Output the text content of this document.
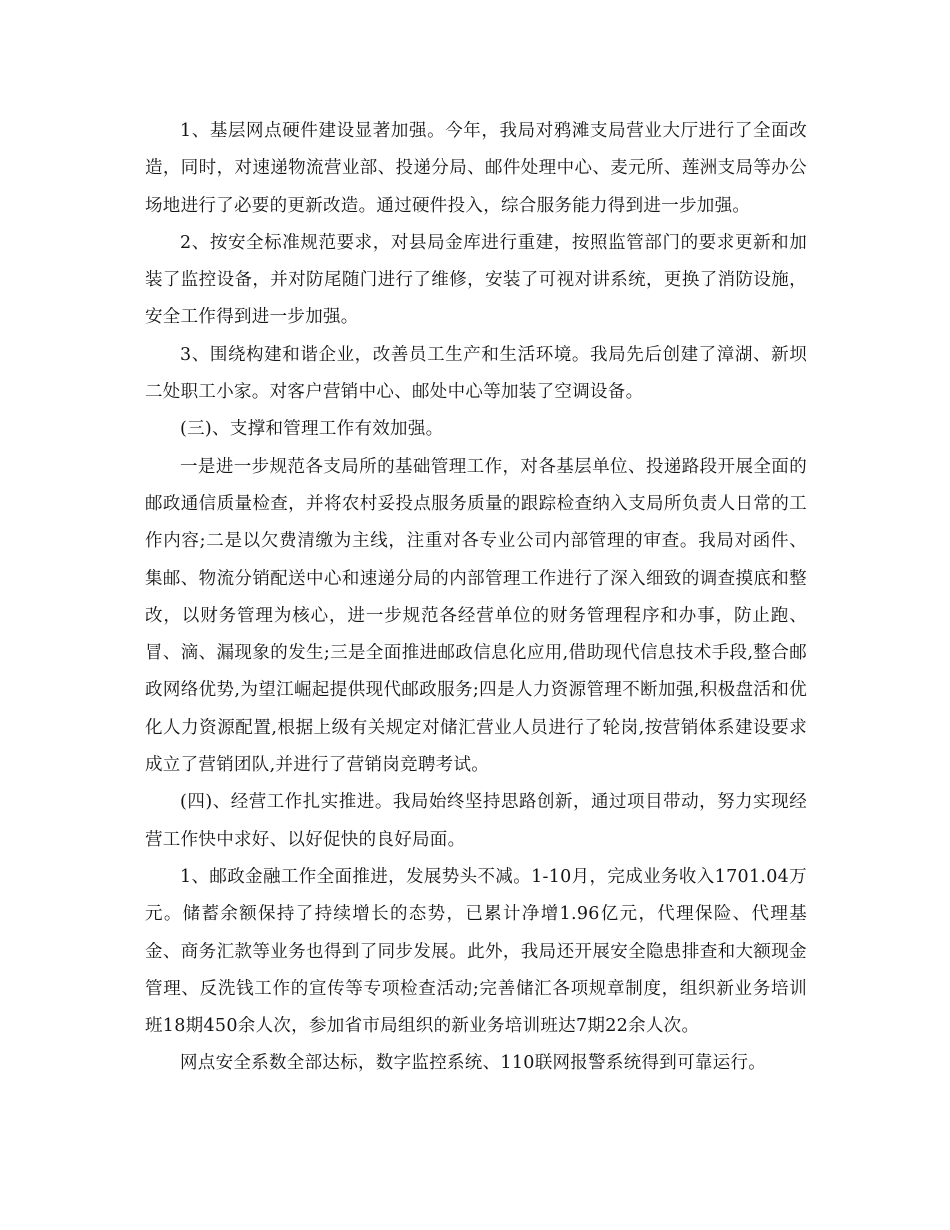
1、基层网点硬件建设显著加强。今年，我局对鸦滩支局营业大厅进行了全面改造，同时，对速递物流营业部、投递分局、邮件处理中心、麦元所、莲洲支局等办公场地进行了必要的更新改造。通过硬件投入，综合服务能力得到进一步加强。

2、按安全标准规范要求，对县局金库进行重建，按照监管部门的要求更新和加装了监控设备，并对防尾随门进行了维修，安装了可视对讲系统，更换了消防设施，安全工作得到进一步加强。

3、围绕构建和谐企业，改善员工生产和生活环境。我局先后创建了漳湖、新坝二处职工小家。对客户营销中心、邮处中心等加装了空调设备。

(三)、支撑和管理工作有效加强。

一是进一步规范各支局所的基础管理工作，对各基层单位、投递路段开展全面的邮政通信质量检查，并将农村妥投点服务质量的跟踪检查纳入支局所负责人日常的工作内容;二是以欠费清缴为主线，注重对各专业公司内部管理的审查。我局对函件、集邮、物流分销配送中心和速递分局的内部管理工作进行了深入细致的调查摸底和整改，以财务管理为核心，进一步规范各经营单位的财务管理程序和办事，防止跑、冒、滴、漏现象的发生;三是全面推进邮政信息化应用,借助现代信息技术手段,整合邮政网络优势,为望江崛起提供现代邮政服务;四是人力资源管理不断加强,积极盘活和优化人力资源配置,根据上级有关规定对储汇营业人员进行了轮岗,按营销体系建设要求成立了营销团队,并进行了营销岗竞聘考试。

(四)、经营工作扎实推进。我局始终坚持思路创新，通过项目带动，努力实现经营工作快中求好、以好促快的良好局面。

1、邮政金融工作全面推进，发展势头不减。1-10月，完成业务收入1701.04万元。储蓄余额保持了持续增长的态势，已累计净增1.96亿元，代理保险、代理基金、商务汇款等业务也得到了同步发展。此外，我局还开展安全隐患排查和大额现金管理、反洗钱工作的宣传等专项检查活动;完善储汇各项规章制度，组织新业务培训班18期450余人次，参加省市局组织的新业务培训班达7期22余人次。

网点安全系数全部达标，数字监控系统、110联网报警系统得到可靠运行。
